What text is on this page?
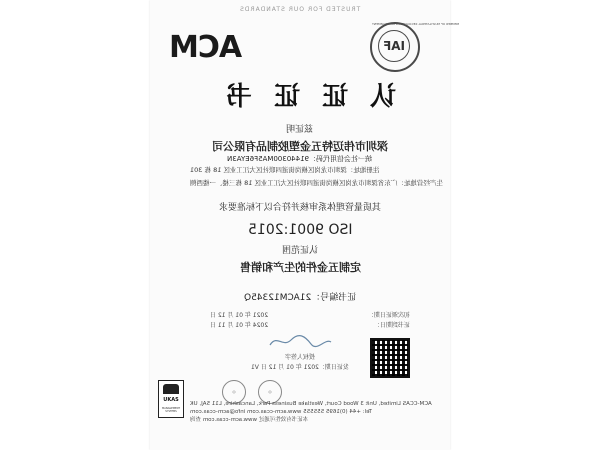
TRUSTED FOR OUR STANDARDS
ACM
MEMBER OF MULTILATERAL RECOGNITION ARRANGEMENT
IAF
认证证书
兹证明
深圳市伟迈特五金塑胶制品有限公司
统一社会信用代码：91440300MA5F6EYA3N
注册地址：深圳市龙岗区横岗街道四联社区大江工业区 18 栋 301
生产经营地址：广东省深圳市龙岗区横岗街道四联社区大江工业区 18 栋三楼、一楼西侧
其质量管理体系审核并符合以下标准要求
ISO 9001:2015
认证范围
定制五金件的生产和销售
证书编号：21ACM12345Q
初次颁证日期：
2021 年 01 月 12 日
证书到期日：
2024 年 01 月 11 日
授权人签字
发证日期：2021 年 01 月 12 日 V1
◎	◎
UKAS
MANAGEMENT SYSTEMS
ACM-CCAS Limited, Unit 3 Wood Court, Westlake Business Park, Lancashire, L11 5AJ, UK
Tel: +44 (0)1695 555555 www.acm-ccas.com info@acm-ccas.com
本证书有效性可通过 www.acm-ccas.com 查询
